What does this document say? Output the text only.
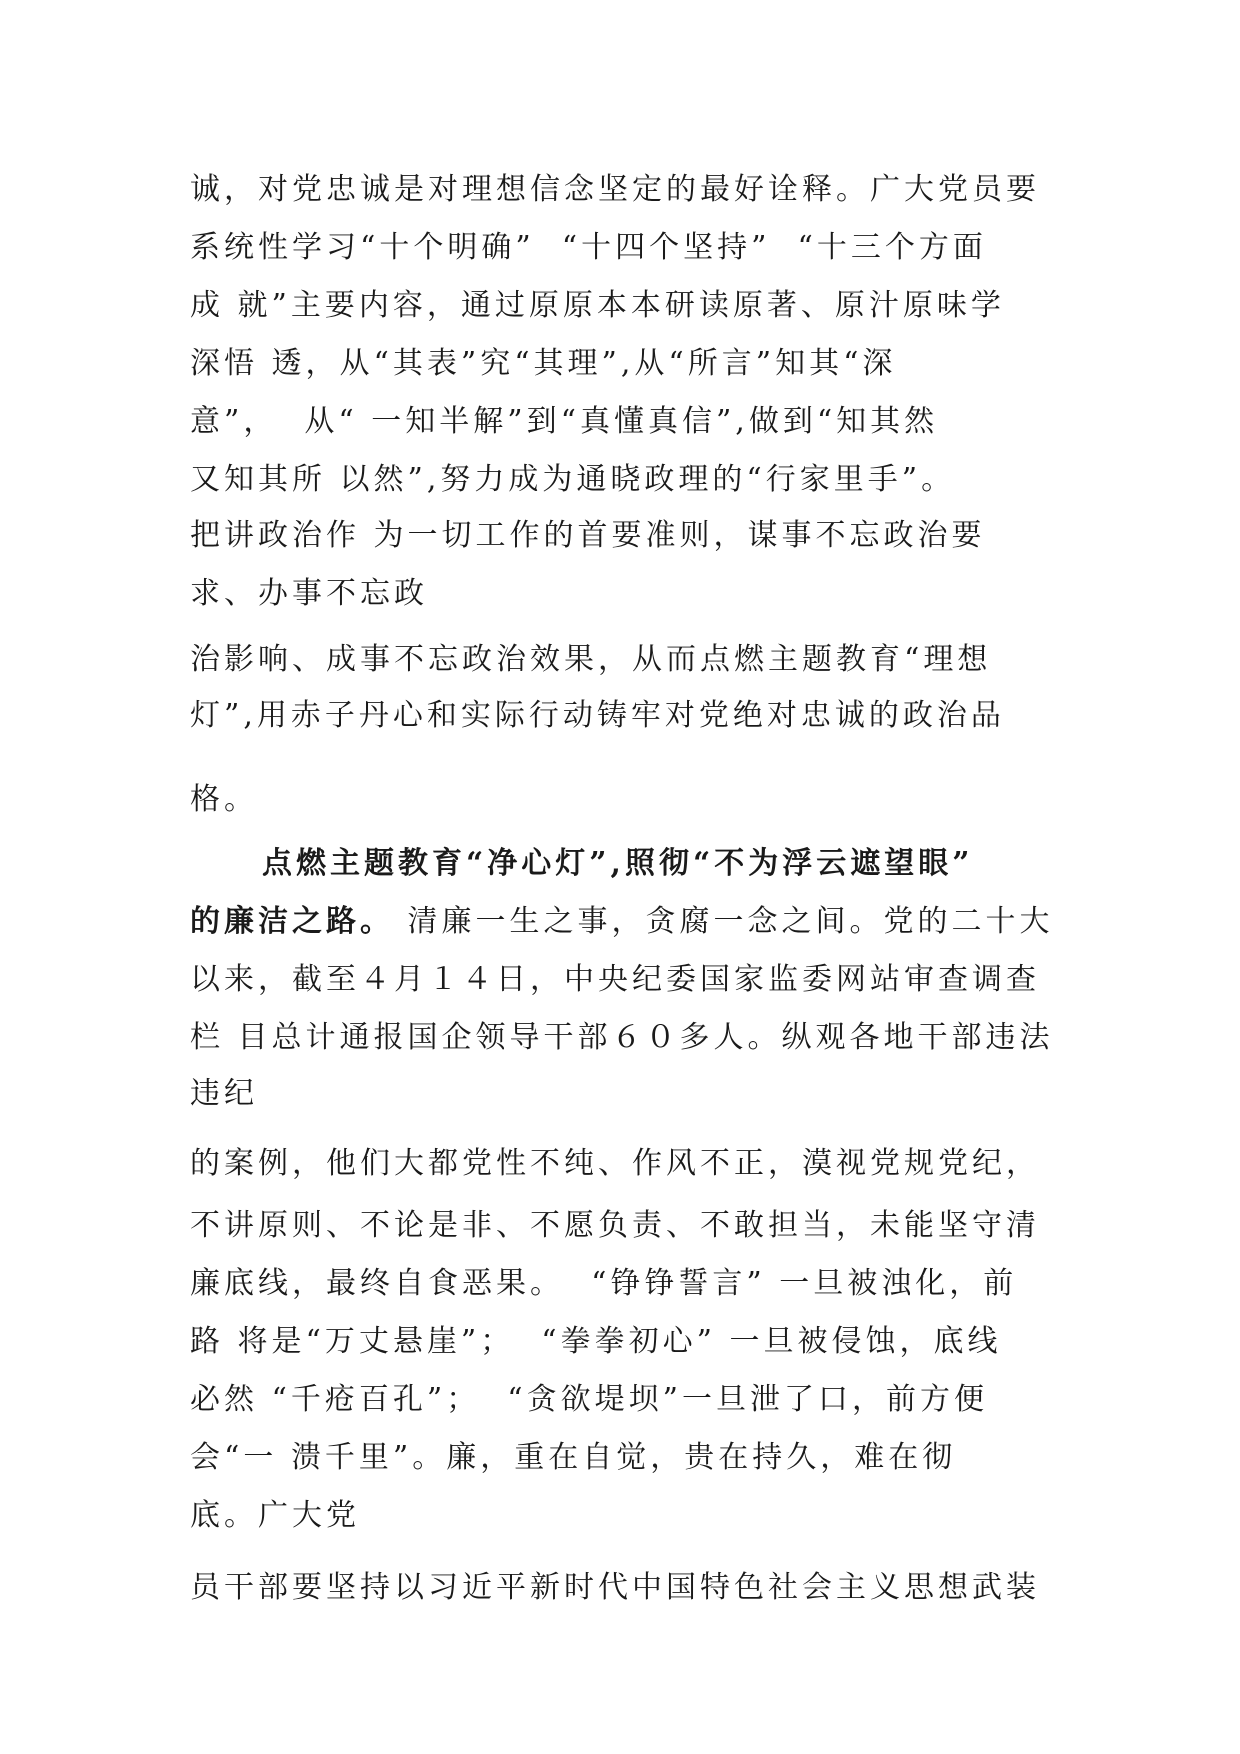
诚，对党忠诚是对理想信念坚定的最好诠释。广大党员要
系统性学习“十个明确”  “十四个坚持”  “十三个方面
成 就”主要内容，通过原原本本研读原著、原汁原味学
深悟 透，从“其表”究“其理”,从“所言”知其“深
意”，  从“ 一知半解”到“真懂真信”,做到“知其然
又知其所 以然”,努力成为通晓政理的“行家里手”。
把讲政治作 为一切工作的首要准则，谋事不忘政治要
求、办事不忘政
治影响、成事不忘政治效果，从而点燃主题教育“理想
灯”,用赤子丹心和实际行动铸牢对党绝对忠诚的政治品
格。
点燃主题教育“净心灯”,照彻“不为浮云遮望眼”
的廉洁之路。 清廉一生之事，贪腐一念之间。党的二十大
以来，截至４月１４日，中央纪委国家监委网站审查调查
栏 目总计通报国企领导干部６０多人。纵观各地干部违法
违纪
的案例，他们大都党性不纯、作风不正，漠视党规党纪，
不讲原则、不论是非、不愿负责、不敢担当，未能坚守清
廉底线，最终自食恶果。  “铮铮誓言” 一旦被浊化，前
路 将是“万丈悬崖”；  “拳拳初心” 一旦被侵蚀，底线
必然 “千疮百孔”；  “贪欲堤坝”一旦泄了口，前方便
会“一 溃千里”。廉，重在自觉，贵在持久，难在彻
底。广大党
员干部要坚持以习近平新时代中国特色社会主义思想武装
